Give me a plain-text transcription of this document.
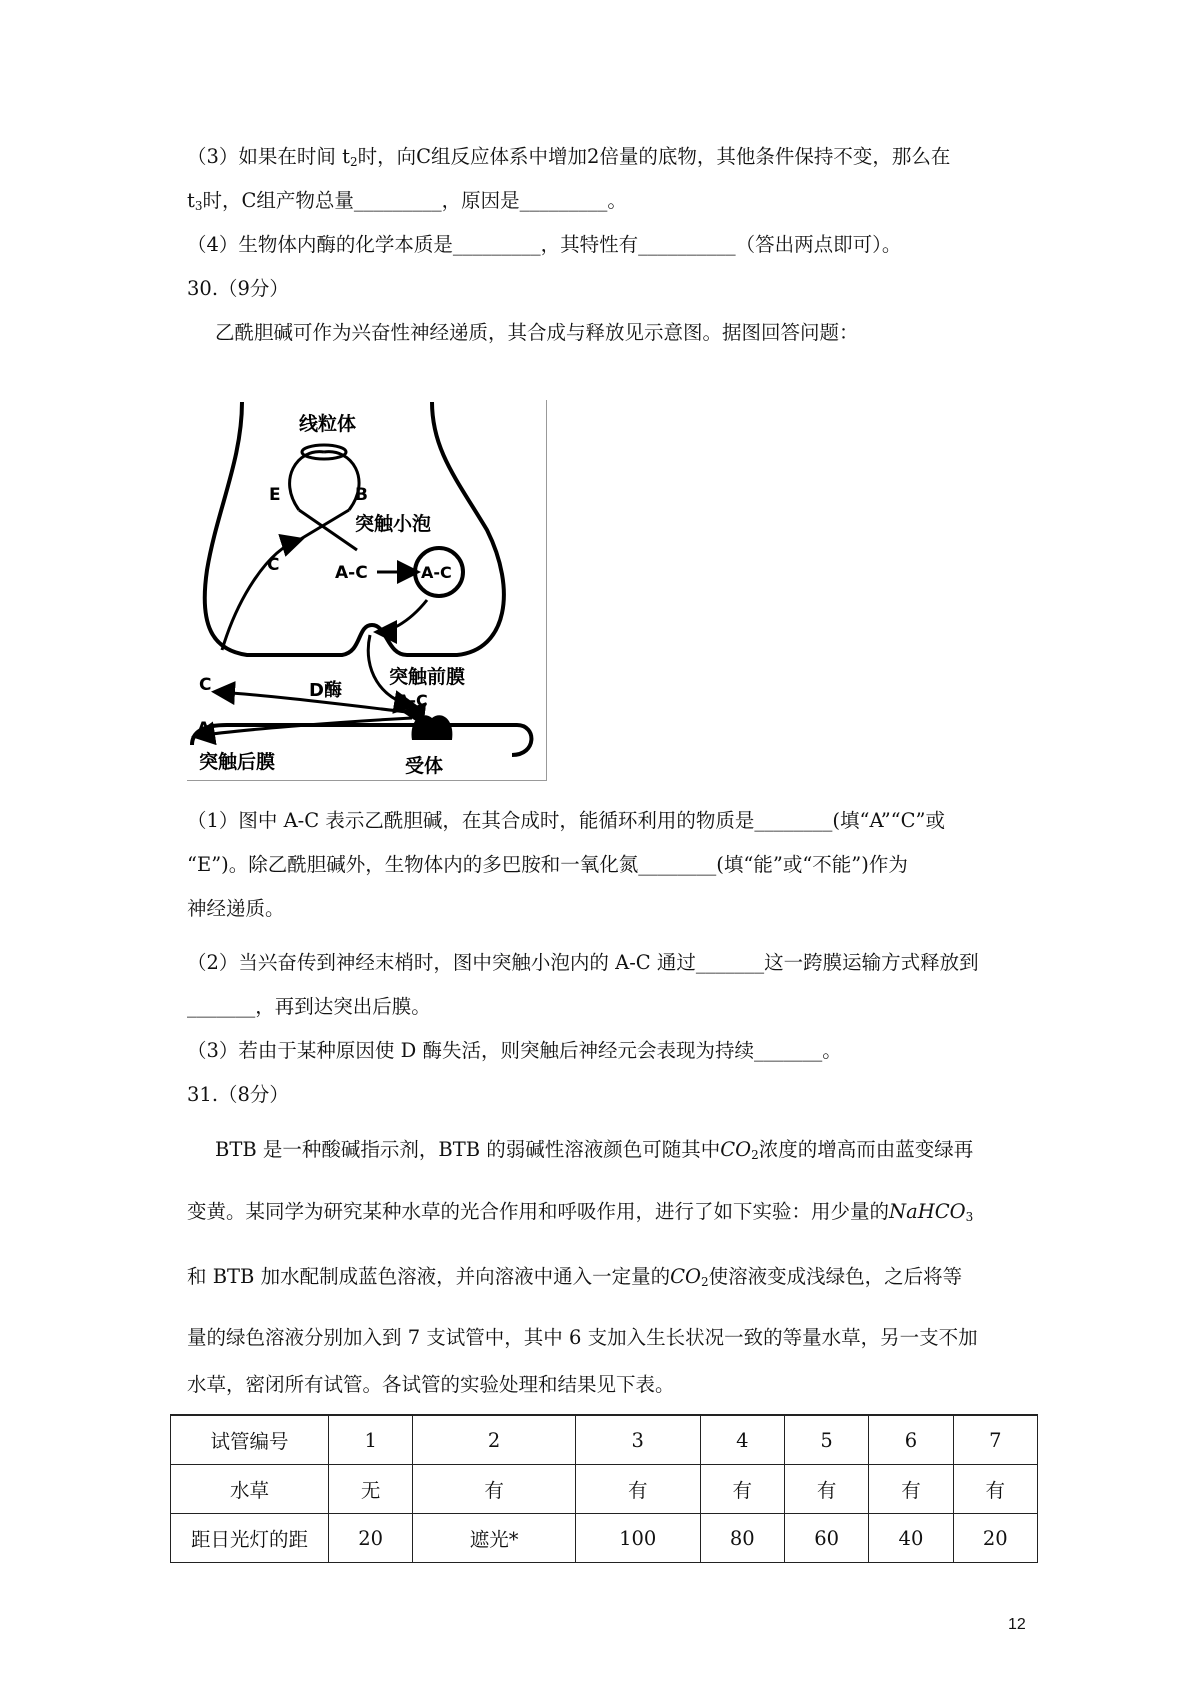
（3）如果在时间 $t_2$时，向C组反应体系中增加2倍量的底物，其他条件保持不变，那么在
$t_3$时，C组产物总量_________，原因是_________。
（4）生物体内酶的化学本质是_________，其特性有__________（答出两点即可）。
30.（9分）
乙酰胆碱可作为兴奋性神经递质，其合成与释放见示意图。据图回答问题：
线粒体
E	B
突触小泡
C	A-C	A-C
突触前膜
C	D酶	A-C
A
突触后膜	受体
（1）图中 A-C 表示乙酰胆碱，在其合成时，能循环利用的物质是________(填“A”“C”或
“E”)。除乙酰胆碱外，生物体内的多巴胺和一氧化氮________(填“能”或“不能”)作为
神经递质。
（2）当兴奋传到神经末梢时，图中突触小泡内的 A-C 通过_______这一跨膜运输方式释放到
_______，再到达突出后膜。
（3）若由于某种原因使 D 酶失活，则突触后神经元会表现为持续_______。
31.（8分）
BTB 是一种酸碱指示剂，BTB 的弱碱性溶液颜色可随其中$CO_2$浓度的增高而由蓝变绿再
变黄。某同学为研究某种水草的光合作用和呼吸作用，进行了如下实验：用少量的NaHCO$_3$
和 BTB 加水配制成蓝色溶液，并向溶液中通入一定量的$CO_2$使溶液变成浅绿色，之后将等
量的绿色溶液分别加入到 7 支试管中，其中 6 支加入生长状况一致的等量水草，另一支不加
水草，密闭所有试管。各试管的实验处理和结果见下表。
试管编号	1	2	3	4	5	6	7
水草	无	有	有	有	有	有	有
距日光灯的距	20	遮光*	100	80	60	40	20
12
